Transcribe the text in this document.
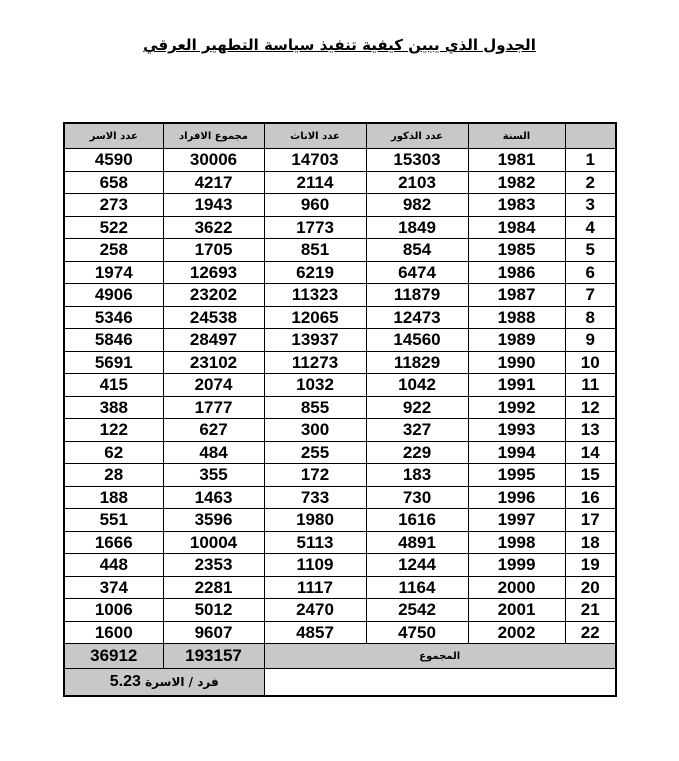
الجدول الذي يبين كيفية تنفيذ سياسة التطهير العرقي
عدد الاسر	مجموع الافراد	عدد الاناث	عدد الذكور	السنة	
4590	30006	14703	15303	1981	1
658	4217	2114	2103	1982	2
273	1943	960	982	1983	3
522	3622	1773	1849	1984	4
258	1705	851	854	1985	5
1974	12693	6219	6474	1986	6
4906	23202	11323	11879	1987	7
5346	24538	12065	12473	1988	8
5846	28497	13937	14560	1989	9
5691	23102	11273	11829	1990	10
415	2074	1032	1042	1991	11
388	1777	855	922	1992	12
122	627	300	327	1993	13
62	484	255	229	1994	14
28	355	172	183	1995	15
188	1463	733	730	1996	16
551	3596	1980	1616	1997	17
1666	10004	5113	4891	1998	18
448	2353	1109	1244	1999	19
374	2281	1117	1164	2000	20
1006	5012	2470	2542	2001	21
1600	9607	4857	4750	2002	22
36912	193157	المجموع			
5.23 فرد / الاسرة					
